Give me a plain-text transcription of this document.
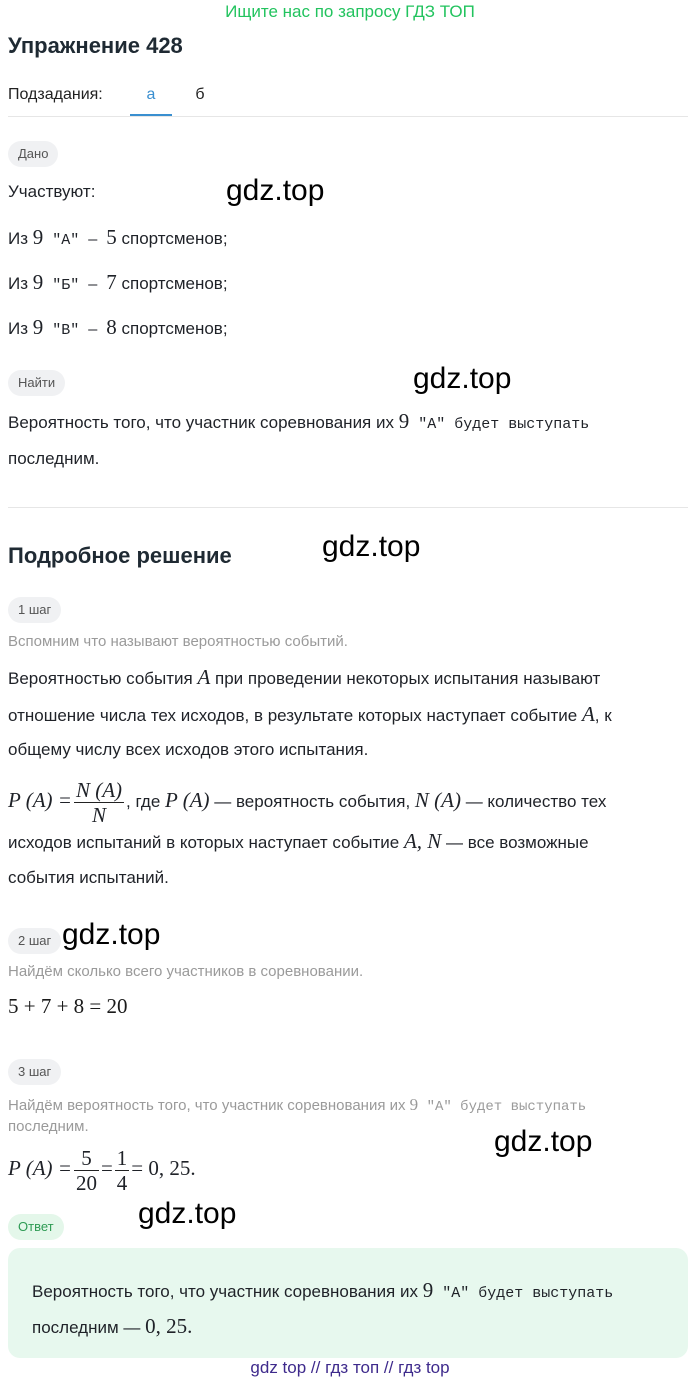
Ищите нас по запросу ГДЗ ТОП
Упражнение 428
Подзадания:	а	б
Дано
Участвуют:
Из 9 "А" — 5 спортсменов;
Из 9 "Б" — 7 спортсменов;
Из 9 "В" — 8 спортсменов;
Найти
Вероятность того, что участник соревнования их 9 "А" будет выступать
последним.
Подробное решение
1 шаг
Вспомним что называют вероятностью событий.
Вероятностью события A при проведении некоторых испытания называют
отношение числа тех исходов, в результате которых наступает событие A, к
общему числу всех исходов этого испытания.
P $(A) = \frac{N (A)}{N}$ , где P (A) — вероятность события, N (A) — количество тех
исходов испытаний в которых наступает событие A, N — все возможные
события испытаний.
2 шаг
Найдём сколько всего участников в соревновании.
5 + 7 + 8 = 20
3 шаг
Найдём вероятность того, что участник соревнования их 9 "А" будет выступать
последним.
P $(A) = \frac{5}{20} = \frac{1}{4} = 0$, 25.
Ответ
Вероятность того, что участник соревнования их 9 "А" будет выступать
последним — 0, 25.
gdz.top
gdz.top
gdz.top
gdz.top
gdz.top
gdz.top
gdz top // гдз топ // гдз top
